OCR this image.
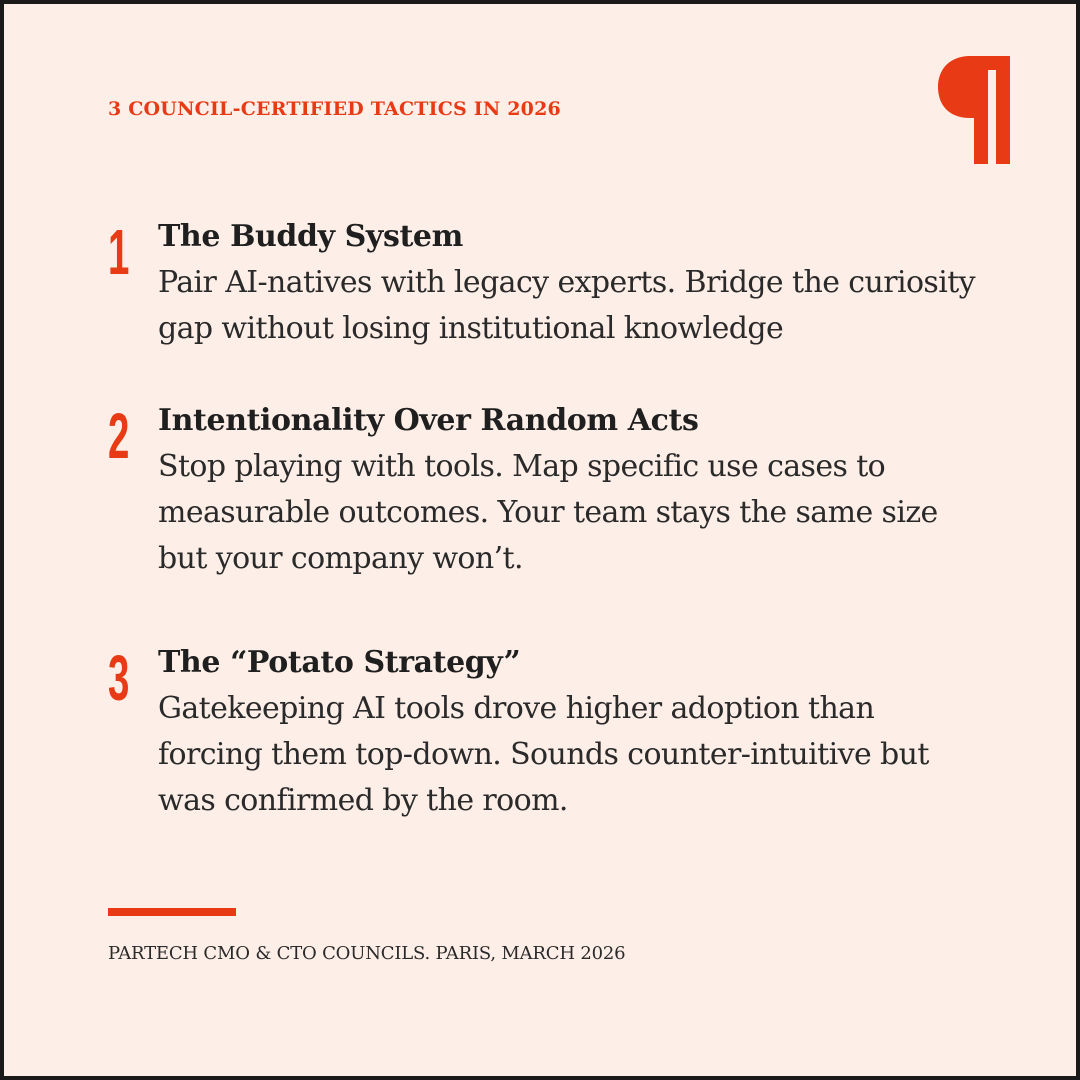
3 COUNCIL-CERTIFIED TACTICS IN 2026
1 The Buddy System
Pair AI-natives with legacy experts. Bridge the curiosity gap without losing institutional knowledge
2 Intentionality Over Random Acts
Stop playing with tools. Map specific use cases to measurable outcomes. Your team stays the same size but your company won’t.
3 The “Potato Strategy”
Gatekeeping AI tools drove higher adoption than forcing them top-down. Sounds counter-intuitive but was confirmed by the room.
PARTECH CMO & CTO COUNCILS. PARIS, MARCH 2026
